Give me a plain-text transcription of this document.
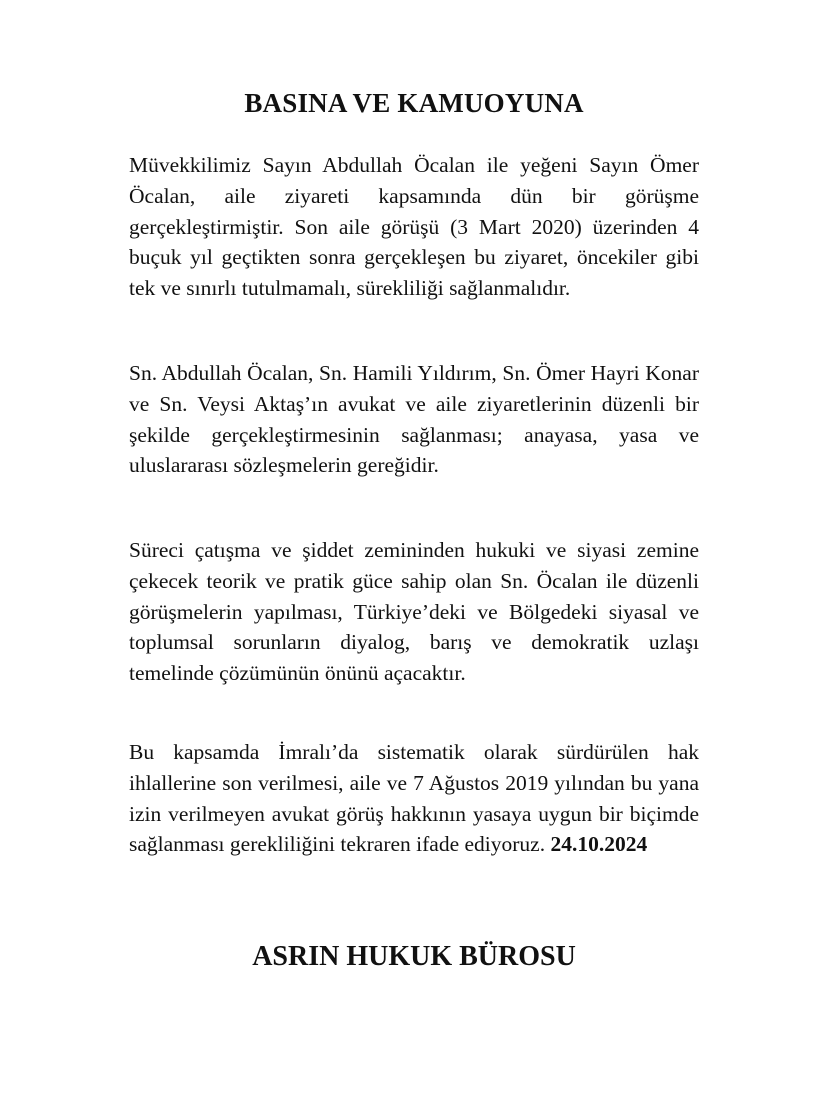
BASINA VE KAMUOYUNA

Müvekkilimiz Sayın Abdullah Öcalan ile yeğeni Sayın Ömer Öcalan, aile ziyareti kapsamında dün bir görüşme gerçekleştirmiştir. Son aile görüşü (3 Mart 2020) üzerinden 4 buçuk yıl geçtikten sonra gerçekleşen bu ziyaret, öncekiler gibi tek ve sınırlı tutulmamalı, sürekliliği sağlanmalıdır.

Sn. Abdullah Öcalan, Sn. Hamili Yıldırım, Sn. Ömer Hayri Konar ve Sn. Veysi Aktaş’ın avukat ve aile ziyaretlerinin düzenli bir şekilde gerçekleştirmesinin sağlanması; anayasa, yasa ve uluslararası sözleşmelerin gereğidir.

Süreci çatışma ve şiddet zemininden hukuki ve siyasi zemine çekecek teorik ve pratik güce sahip olan Sn. Öcalan ile düzenli görüşmelerin yapılması, Türkiye’deki ve Bölgedeki siyasal ve toplumsal sorunların diyalog, barış ve demokratik uzlaşı temelinde çözümünün önünü açacaktır.

Bu kapsamda İmralı’da sistematik olarak sürdürülen hak ihlallerine son verilmesi, aile ve 7 Ağustos 2019 yılından bu yana izin verilmeyen avukat görüş hakkının yasaya uygun bir biçimde sağlanması gerekliliğini tekraren ifade ediyoruz. 24.10.2024

ASRIN HUKUK BÜROSU
